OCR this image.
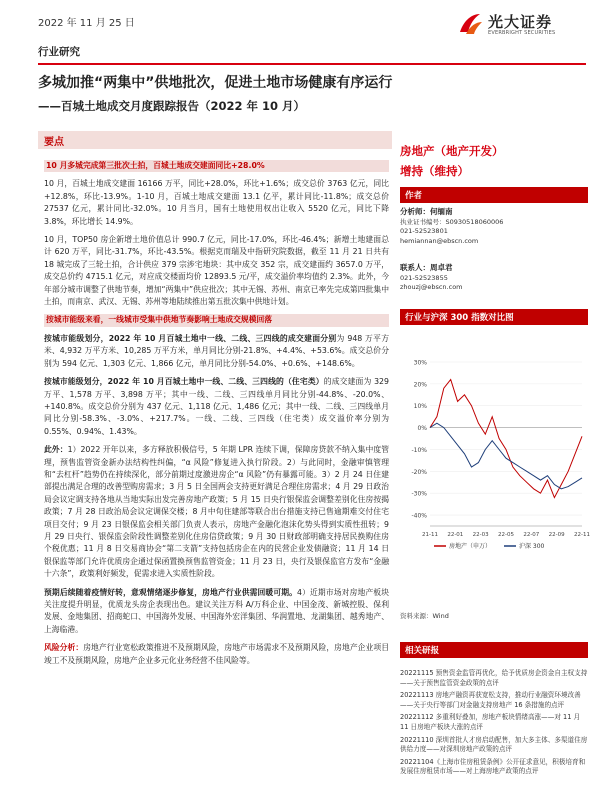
2022 年 11 月 25 日	光大证券
EVERBRIGHT SECURITIES
行业研究
多城加推“两集中”供地批次，促进土地市场健康有序运行
——百城土地成交月度跟踪报告（2022 年 10 月）
要点
10 月多城完成第三批次土拍，百城土地成交建面同比+28.0%

10 月，百城土地成交建面 16166 万平，同比+28.0%，环比+1.6%；成交总价 3763 亿元，同比+12.8%，环比-13.9%。1-10 月，百城土地成交建面 13.1 亿平，累计同比-11.8%；成交总价 27537 亿元，累计同比-32.0%。10 月当月，国有土地使用权出让收入 5520 亿元，同比下降 3.8%，环比增长 14.9%。

10 月，TOP50 房企新增土地价值总计 990.7 亿元，同比-17.0%，环比-46.4%；新增土地建面总计 620 万平，同比-31.7%，环比-43.5%。根据克而瑞及中指研究院数据，截至 11 月 21 日共有 18 城完成了三轮土拍，合计供应 379 宗涉宅地块：其中成交 352 宗，成交建面约 3657.0 万平，成交总价约 4715.1 亿元，对应成交楼面均价 12893.5 元/平，成交溢价率均值约 2.3%。此外，今年部分城市调整了供地节奏，增加“两集中”供应批次；其中无锡、苏州、南京已率先完成第四批集中土拍，而南京、武汉、无锡、苏州等地陆续推出第五批次集中供地计划。

按城市能级来看，一线城市受集中供地节奏影响土地成交规模回落

按城市能级划分，2022 年 10 月百城土地中一线、二线、三四线的成交建面分别为 948 万平方米、4,932 万平方米、10,285 万平方米，单月同比分别-21.8%、+4.4%、+53.6%。成交总价分别为 594 亿元、1,303 亿元、1,866 亿元，单月同比分别-54.0%、+0.6%、+148.6%。

按城市能级划分，2022 年 10 月百城土地中一线、二线、三四线的（住宅类）的成交建面为 329 万平、1,578 万平、3,898 万平；其中一线、二线、三四线单月同比分别-44.8%、-20.0%、+140.8%。成交总价分别为 437 亿元、1,118 亿元、1,486 亿元；其中一线、二线、三四线单月同比分别-58.3%、-3.0%、+217.7%。一线、二线、三四线（住宅类）成交溢价率分别为 0.55%、0.94%、1.43%。

此外：1）2022 开年以来，多方释放积极信号，5 年期 LPR 连续下调，保障房贷款不纳入集中度管理，预售监管资金新办法结构性纠偏，“α 风险”修复进入执行阶段。2）与此同时，金融审慎管理和“去杠杆”趋势仍在持续深化，部分前期过度激进房企“α 风险”仍有暴露可能。3）2 月 24 日住建部提出满足合理的改善型购房需求；3 月 5 日全国两会支持更好满足合理住房需求；4 月 29 日政治局会议定调支持各地从当地实际出发完善房地产政策；5 月 15 日央行银保监会调整差别化住房按揭政策；7 月 28 日政治局会议定调保交楼；8 月中旬住建部等联合出台措施支持已售逾期难交付住宅项目交付；9 月 23 日银保监会相关部门负责人表示，房地产金融化泡沫化势头得到实质性扭转；9 月 29 日央行、银保监会阶段性调整差别化住房信贷政策；9 月 30 日财政部明确支持居民换购住房个税优惠；11 月 8 日交易商协会“第二支箭”支持包括房企在内的民营企业发债融资；11 月 14 日银保监等部门允许优质房企通过保函置换预售监管资金；11 月 23 日，央行及银保监官方发布“金融十六条”，政策利好频发，促需求进入实质性阶段。

预期后续随着疫情好转，意观情绪逐步修复，房地产行业供需回暖可期。4）近期市场对房地产板块关注度提升明显，优质龙头房企表现出色。建议关注万科 A/万科企业、中国金茂、新城控股、保利发展、金地集团、招商蛇口、中国海外发展、中国海外宏洋集团、华润置地、龙湖集团、越秀地产、上海临港。

风险分析：房地产行业宽松政策推进不及预期风险，房地产市场需求不及预期风险，房地产企业项目竣工不及预期风险，房地产企业多元化业务经营不佳风险等。

房地产（地产开发）
增持（维持）
作者
分析师：何缅南
执业证书编号：S0930518060006
021-52523801
hemiannan@ebscn.com
联系人：周卓君
021-52523855
zhouzj@ebscn.com
行业与沪深 300 指数对比图
30%
20%
10%
0%
-10%
-20%
-30%
-40%
21-11 22-01 22-03 22-05 22-07 22-09 22-11
房地产（申万）	沪深 300
资料来源：Wind
相关研报
20221115 预售资金监管再优化，给予优质房企资金自主权支持——关于预售监管资金政策的点评
20221113 房地产融资再获宽松支持，推动行业融资环境改善——关于央行等部门对金融支持房地产 16 条措施的点评
20221112 多重利好叠加，房地产板块情绪高涨——对 11 月 11 日房地产板块大涨的点评
20221110 深圳首批人才房启动配售，加大多主体、多渠道住房供给力度——对深圳房地产政策的点评
20221104《上海市住房租赁条例》公开征求意见，积极培育和发展住房租赁市场——对上海房地产政策的点评
